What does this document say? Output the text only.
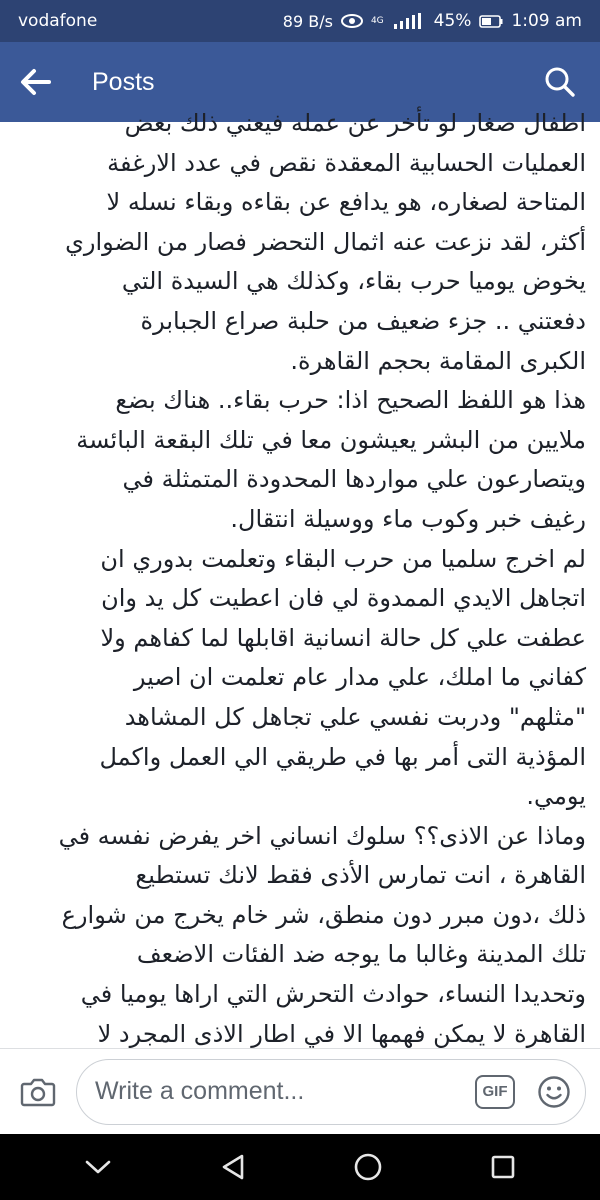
vodafone	89 B/s	4G	45% 1:09 am
Posts
اطفال صغار لو تأخر عن عمله فيعني ذلك بعض
العمليات الحسابية المعقدة نقص في عدد الارغفة
المتاحة لصغاره، هو يدافع عن بقاءه وبقاء نسله لا
أكثر، لقد نزعت عنه اثمال التحضر فصار من الضواري
يخوض يوميا حرب بقاء، وكذلك هي السيدة التي
دفعتني .. جزء ضعيف من حلبة صراع الجبابرة
الكبرى المقامة بحجم القاهرة.
هذا هو اللفظ الصحيح اذا: حرب بقاء.. هناك بضع
ملايين من البشر يعيشون معا في تلك البقعة البائسة
ويتصارعون علي مواردها المحدودة المتمثلة في
رغيف خبر وكوب ماء ووسيلة انتقال.
لم اخرج سلميا من حرب البقاء وتعلمت بدوري ان
اتجاهل الايدي الممدوة لي فان اعطيت كل يد وان
عطفت علي كل حالة انسانية اقابلها لما كفاهم ولا
كفاني ما املك، علي مدار عام تعلمت ان اصير
"مثلهم" ودربت نفسي علي تجاهل كل المشاهد
المؤذية التى أمر بها في طريقي الي العمل واكمل
يومي.
وماذا عن الاذى؟؟ سلوك انساني اخر يفرض نفسه في
القاهرة ، انت تمارس الأذى فقط لانك تستطيع
ذلك ،دون مبرر دون منطق، شر خام يخرج من شوارع
تلك المدينة وغالبا ما يوجه ضد الفئات الاضعف
وتحديدا النساء، حوادث التحرش التي اراها يوميا في
القاهرة لا يمكن فهمها الا في اطار الاذى المجرد لا
Write a comment...	GIF
